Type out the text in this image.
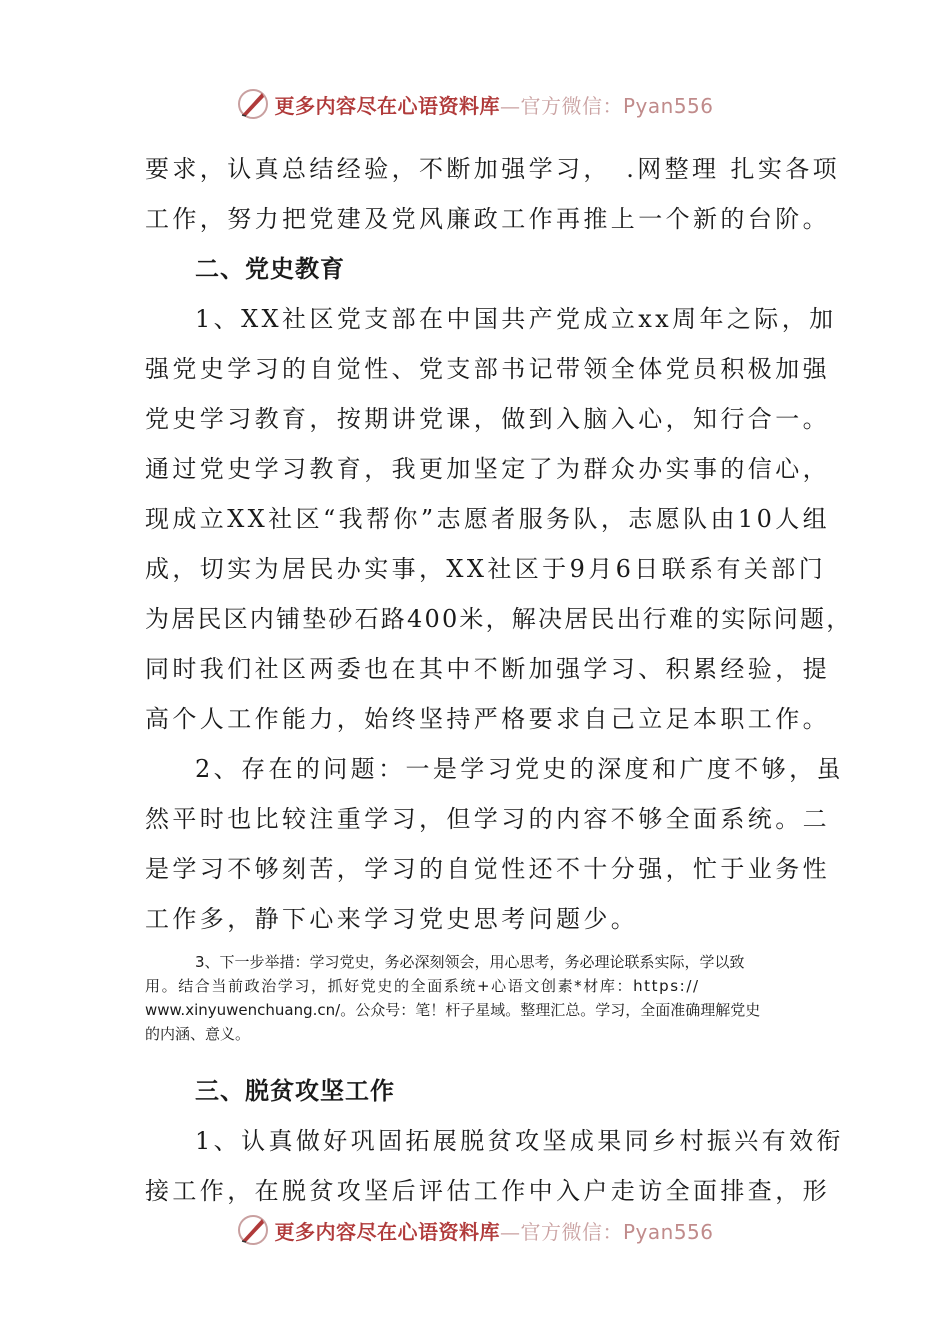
更多内容尽在心语资料库—官方微信：Pyan556
要求，认真总结经验，不断加强学习，　.网整理 扎实各项
工作，努力把党建及党风廉政工作再推上一个新的台阶。
二、党史教育
1、XX社区党支部在中国共产党成立xx周年之际，加
强党史学习的自觉性、党支部书记带领全体党员积极加强
党史学习教育，按期讲党课，做到入脑入心，知行合一。
通过党史学习教育，我更加坚定了为群众办实事的信心，
现成立XX社区“我帮你”志愿者服务队，志愿队由10人组
成，切实为居民办实事，XX社区于9月6日联系有关部门
为居民区内铺垫砂石路400米，解决居民出行难的实际问题，
同时我们社区两委也在其中不断加强学习、积累经验，提
高个人工作能力，始终坚持严格要求自己立足本职工作。
2、存在的问题：一是学习党史的深度和广度不够，虽
然平时也比较注重学习，但学习的内容不够全面系统。二
是学习不够刻苦，学习的自觉性还不十分强，忙于业务性
工作多，静下心来学习党史思考问题少。
3、下一步举措：学习党史，务必深刻领会，用心思考，务必理论联系实际，学以致
用。结合当前政治学习，抓好党史的全面系统+心语文创素*材库：https://
www.xinyuwenchuang.cn/。公众号：笔！杆子星域。整理汇总。学习，全面准确理解党史
的内涵、意义。
三、脱贫攻坚工作
1、认真做好巩固拓展脱贫攻坚成果同乡村振兴有效衔
接工作，在脱贫攻坚后评估工作中入户走访全面排查，形
更多内容尽在心语资料库—官方微信：Pyan556
